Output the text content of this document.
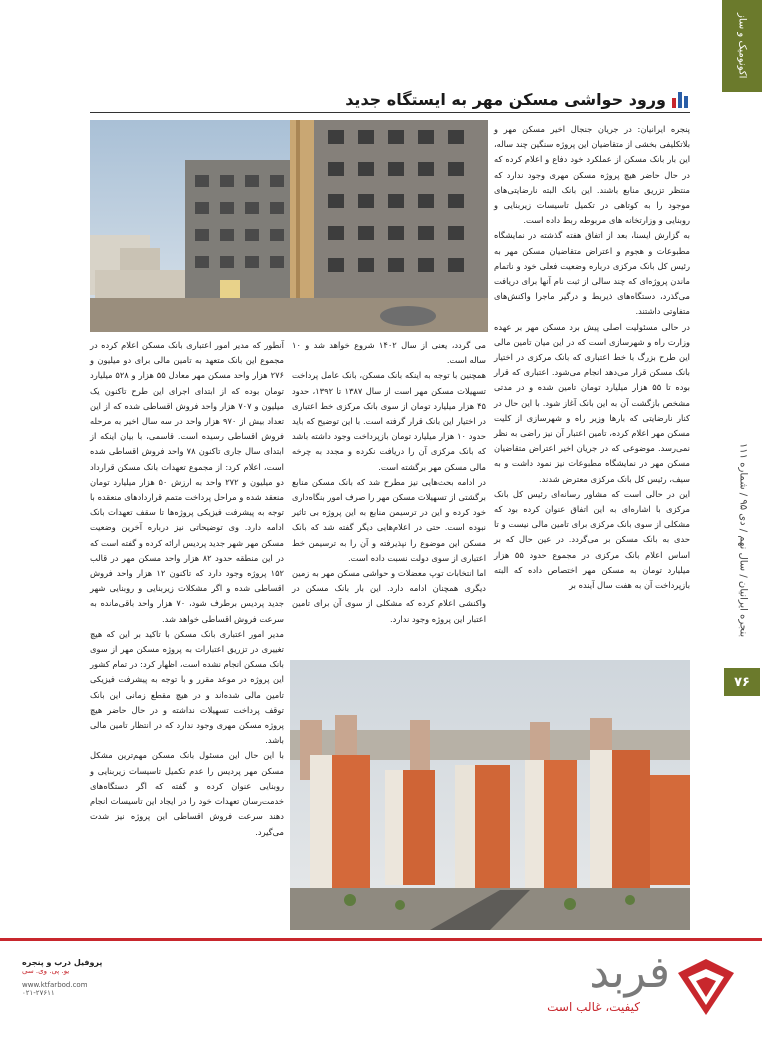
اکونومیک و ساز
بنجره ایرانیان / سال نهم / دی ۹۵ / شماره ۱۱۱
۷۶
ورود حواشی مسکن مهر به ایستگاه جدید

پنجره ایرانیان: در جریان جنجال اخیر مسکن مهر و بلاتکلیفی بخشی از متقاضیان این پروژه سنگین چند ساله، این بار بانک مسکن از عملکرد خود دفاع و اعلام کرده که در حال حاضر هیچ پروژه مسکن مهری وجود ندارد که منتظر تزریق منابع باشند. این بانک البته نارضایتی‌های موجود را به کوتاهی در تکمیل تاسیسات زیربنایی و روبنایی و وزارتخانه های مربوطه ربط داده است.

به گزارش ایسنا، بعد از اتفاق هفته گذشته در نمایشگاه مطبوعات و هجوم و اعتراض متقاضیان مسکن مهر به رئیس کل بانک مرکزی درباره وضعیت فعلی خود و ناتمام ماندن پروژه‌ای که چند سالی از ثبت نام آنها برای دریافت می‌گذرد، دستگاه‌های ذیربط و درگیر ماجرا واکنش‌های متفاوتی داشتند.

در حالی مسئولیت اصلی پیش برد مسکن مهر بر عهده وزارت راه و شهرسازی است که در این میان تامین مالی این طرح بزرگ با خط اعتباری که بانک مرکزی در اختیار بانک مسکن قرار می‌دهد انجام می‌شود. اعتباری که قرار بوده تا ۵۵ هزار میلیارد تومان تامین شده و در مدتی مشخص بازگشت آن به این بانک آغاز شود. با این حال در کنار نارضایتی که بارها وزیر راه و شهرسازی از کلیت مسکن مهر اعلام کرده، تامین اعتبار آن نیز راضی به نظر نمی‌رسد. موضوعی که در جریان اخیر اعتراض متقاضیان مسکن مهر در نمایشگاه مطبوعات نیز نمود داشت و به سیف، رئیس کل بانک مرکزی معترض شدند.

این در حالی است که مشاور رسانه‌ای رئیس کل بانک مرکزی با اشاره‌ای به این اتفاق عنوان کرده بود که مشکلی از سوی بانک مرکزی برای تامین مالی نیست و تا حدی به بانک مسکن بر می‌گردد. در عین حال که بر اساس اعلام بانک مرکزی در مجموع حدود ۵۵ هزار میلیارد تومان به مسکن مهر اختصاص داده که البته بازپرداخت آن به هفت سال آینده بر

می گردد، یعنی از سال ۱۴۰۲ شروع خواهد شد و ۱۰ ساله است.

همچنین با توجه به اینکه بانک مسکن، بانک عامل پرداخت تسهیلات مسکن مهر است از سال ۱۳۸۷ تا ۱۳۹۲، حدود ۴۵ هزار میلیارد تومان از سوی بانک مرکزی خط اعتباری در اختیار این بانک قرار گرفته است. با این توضیح که باید حدود ۱۰ هزار میلیارد تومان بازپرداخت وجود داشته باشد که بانک مرکزی آن را دریافت نکرده و مجدد به چرخه مالی مسکن مهر برگشته است.

در ادامه بحث‌هایی نیز مطرح شد که بانک مسکن منابع برگشتی از تسهیلات مسکن مهر را صرف امور بنگاه‌داری خود کرده و این در ترسیمن منابع به این پروژه بی تاثیر نبوده است. حتی در اعلام‌هایی دیگر گفته شد که بانک مسکن این موضوع را نپذیرفته و آن را به ترسیمن خط اعتباری از سوی دولت نسبت داده است.

اما انتخابات توپ معضلات و حواشی مسکن مهر به زمین دیگری همچنان ادامه دارد. این بار بانک مسکن در واکنشی اعلام کرده که مشکلی از سوی آن برای تامین اعتبار این پروژه وجود ندارد.

آنطور که مدیر امور اعتباری بانک مسکن اعلام کرده در مجموع این بانک متعهد به تامین مالی برای دو میلیون و ۲۷۶ هزار واحد مسکن مهر معادل ۵۵ هزار و ۵۲۸ میلیارد تومان بوده که از ابتدای اجرای این طرح تاکنون یک میلیون و ۷۰۷ هزار واحد فروش اقساطی شده که از این تعداد بیش از ۹۷۰ هزار واحد در سه سال اخیر به مرحله فروش اقساطی رسیده است. قاسمی، با بیان اینکه از ابتدای سال جاری تاکنون ۷۸ واحد فروش اقساطی شده است، اعلام کرد: از مجموع تعهدات بانک مسکن قرارداد دو میلیون و ۲۷۲ واحد به ارزش ۵۰ هزار میلیارد تومان منعقد شده و مراحل پرداخت متمم قراردادها‌ی منعقده با توجه به پیشرفت فیزیکی پروژه‌ها تا سقف تعهدات بانک ادامه دارد. وی توضیحاتی نیز درباره آخرین وضعیت مسکن مهر شهر جدید پردیس ارائه کرده و گفته است که در این منطقه حدود ۸۲ هزار واحد مسکن مهر در قالب ۱۵۲ پروژه وجود دارد که تاکنون ۱۲ هزار واحد فروش اقساطی شده و اگر مشکلات زیربنایی و روبنایی شهر جدید پردیس برطرف شود، ۷۰ هزار واحد باقی‌مانده به سرعت فروش اقساطی خواهد شد.

مدیر امور اعتباری بانک مسکن با تاکید بر این که هیچ تغییری در تزریق اعتبارات به پروژه مسکن مهر از سوی بانک مسکن انجام نشده است، اظهار کرد: در تمام کشور این پروژه در موعد مقرر و با توجه به پیشرفت فیزیکی تامین مالی شده‌اند و در هیچ مقطع زمانی این بانک توقف پرداخت تسهیلات نداشته و در حال حاضر هیچ پروژه مسکن مهری وجود ندارد که در انتظار تامین مالی باشد.

با این حال این مسئول بانک مسکن مهم‌ترین مشکل مسکن مهر پردیس را عدم تکمیل تاسیسات زیربنایی و روبنایی عنوان کرده و گفته که اگر دستگاه‌های خدمت‌رسان تعهدات خود را در ایجاد این تاسیسات انجام دهند سرعت فروش اقساطی این پروژه نیز شدت می‌گیرد.

پروفیل درب و پنجره
یو. پی. وی. سی
www.ktfarbod.com
۰۲۱-۲۷۶۱۱	فربد
کیفیت، غالب است
